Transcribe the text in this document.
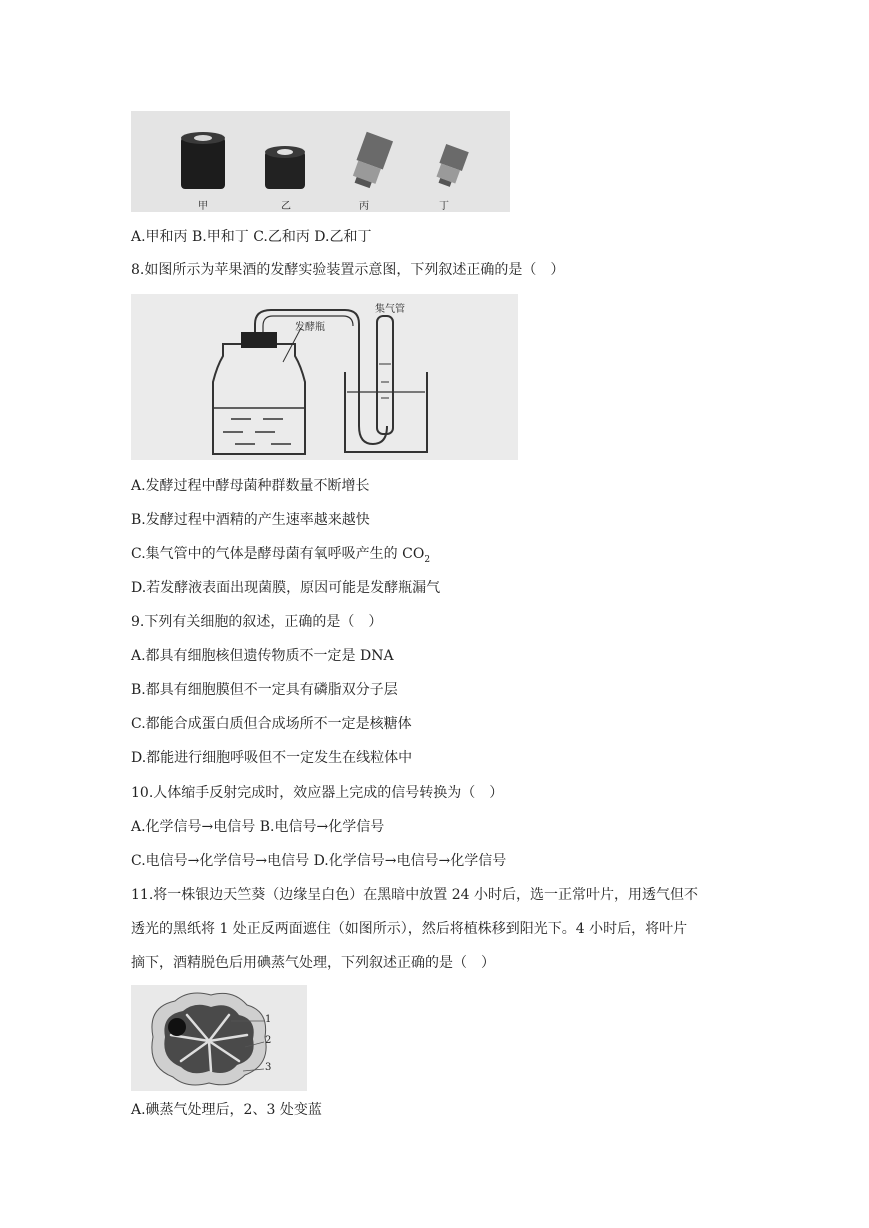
甲	乙	丙	丁
A.甲和丙 B.甲和丁 C.乙和丙 D.乙和丁
8.如图所示为苹果酒的发酵实验装置示意图，下列叙述正确的是（　）
发酵瓶
集气管
A.发酵过程中酵母菌种群数量不断增长
B.发酵过程中酒精的产生速率越来越快
C.集气管中的气体是酵母菌有氧呼吸产生的 $CO_2$
D.若发酵液表面出现菌膜，原因可能是发酵瓶漏气
9.下列有关细胞的叙述，正确的是（　）
A.都具有细胞核但遗传物质不一定是 DNA
B.都具有细胞膜但不一定具有磷脂双分子层
C.都能合成蛋白质但合成场所不一定是核糖体
D.都能进行细胞呼吸但不一定发生在线粒体中
10.人体缩手反射完成时，效应器上完成的信号转换为（　）
A.化学信号→电信号 B.电信号→化学信号
C.电信号→化学信号→电信号 D.化学信号→电信号→化学信号
11.将一株银边天竺葵（边缘呈白色）在黑暗中放置 24 小时后，选一正常叶片，用透气但不
透光的黑纸将 1 处正反两面遮住（如图所示），然后将植株移到阳光下。4 小时后，将叶片
摘下，酒精脱色后用碘蒸气处理，下列叙述正确的是（　）
1
2
3
A.碘蒸气处理后，2、3 处变蓝
